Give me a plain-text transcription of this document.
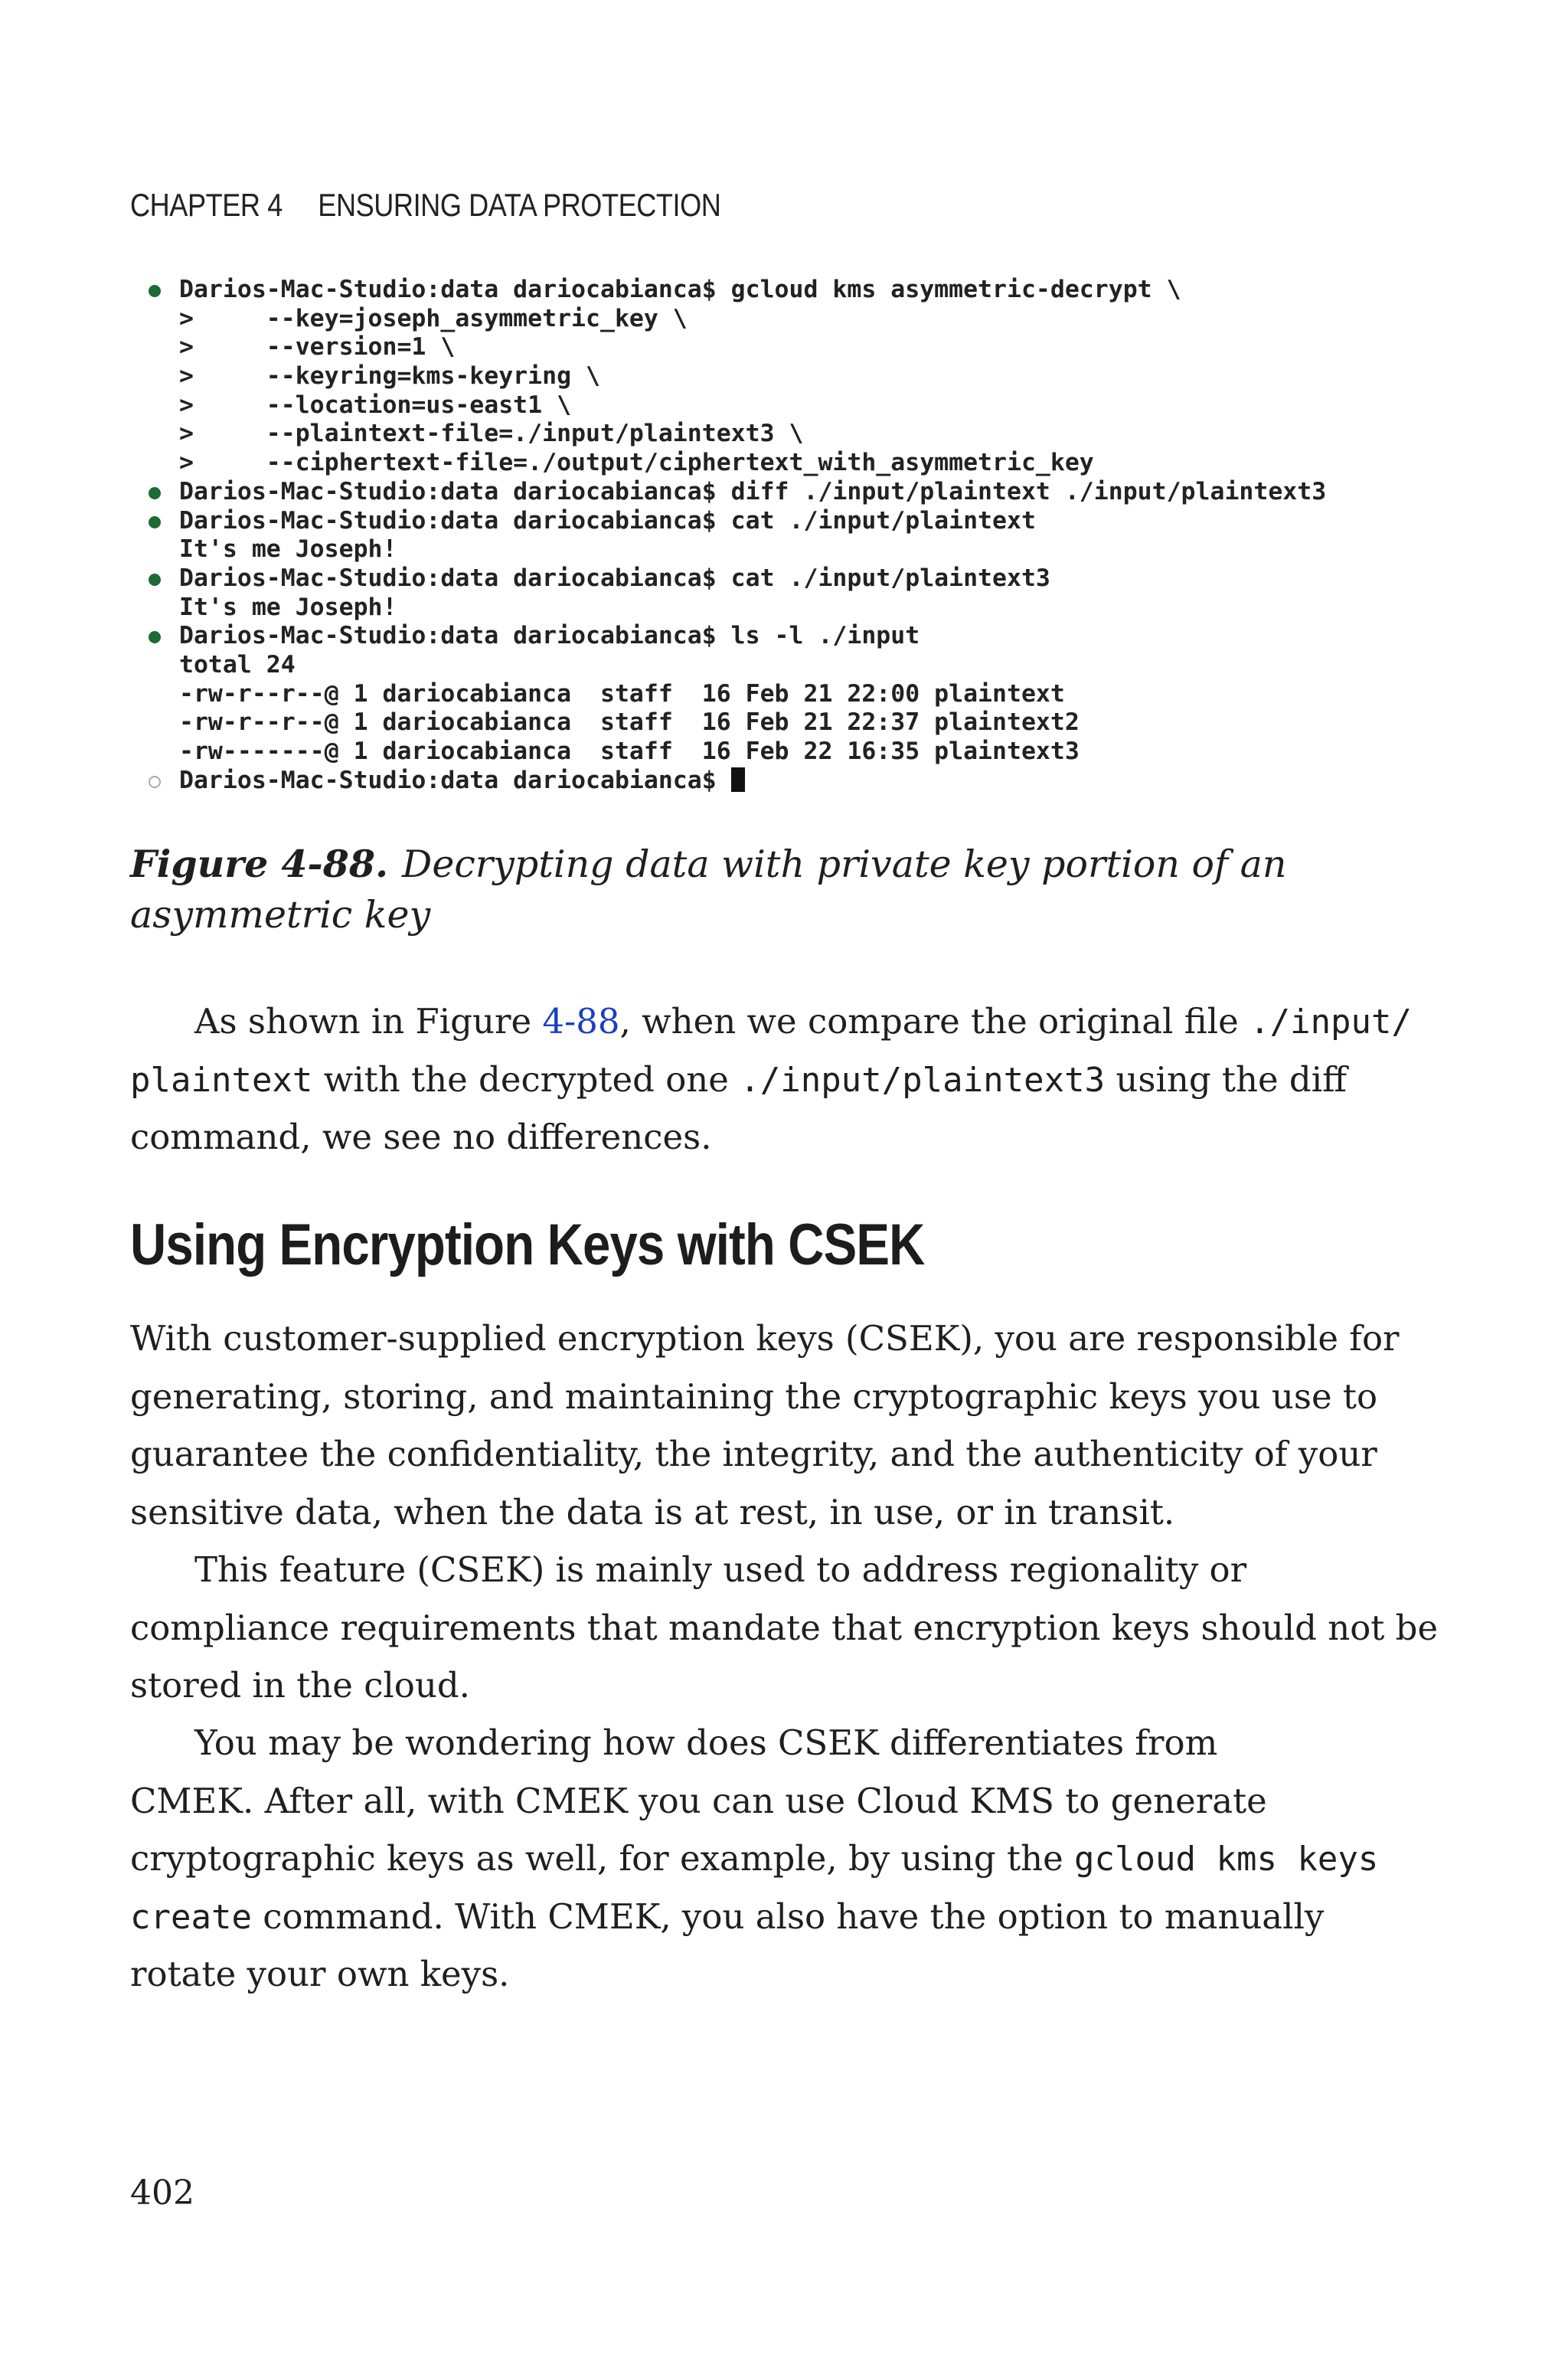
CHAPTER 4 ENSURING DATA PROTECTION
Darios-Mac-Studio:data dariocabianca$ gcloud kms asymmetric-decrypt \
>     --key=joseph_asymmetric_key \
>     --version=1 \
>     --keyring=kms-keyring \
>     --location=us-east1 \
>     --plaintext-file=./input/plaintext3 \
>     --ciphertext-file=./output/ciphertext_with_asymmetric_key
Darios-Mac-Studio:data dariocabianca$ diff ./input/plaintext ./input/plaintext3
Darios-Mac-Studio:data dariocabianca$ cat ./input/plaintext
It's me Joseph!
Darios-Mac-Studio:data dariocabianca$ cat ./input/plaintext3
It's me Joseph!
Darios-Mac-Studio:data dariocabianca$ ls -l ./input
total 24
-rw-r--r--@ 1 dariocabianca  staff  16 Feb 21 22:00 plaintext
-rw-r--r--@ 1 dariocabianca  staff  16 Feb 21 22:37 plaintext2
-rw-------@ 1 dariocabianca  staff  16 Feb 22 16:35 plaintext3
Darios-Mac-Studio:data dariocabianca$
Figure 4-88. Decrypting data with private key portion of an
asymmetric key
As shown in Figure 4-88, when we compare the original file ./input/
plaintext with the decrypted one ./input/plaintext3 using the diff
command, we see no differences.
Using Encryption Keys with CSEK
With customer-supplied encryption keys (CSEK), you are responsible for
generating, storing, and maintaining the cryptographic keys you use to
guarantee the confidentiality, the integrity, and the authenticity of your
sensitive data, when the data is at rest, in use, or in transit.
This feature (CSEK) is mainly used to address regionality or
compliance requirements that mandate that encryption keys should not be
stored in the cloud.
You may be wondering how does CSEK differentiates from
CMEK. After all, with CMEK you can use Cloud KMS to generate
cryptographic keys as well, for example, by using the gcloud kms keys
create command. With CMEK, you also have the option to manually
rotate your own keys.
402
